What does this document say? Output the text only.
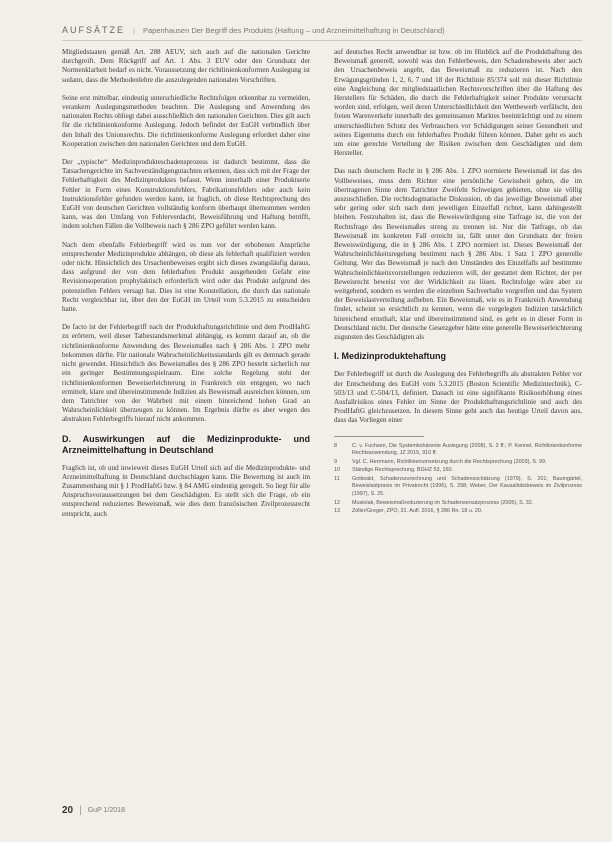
AUFSÄTZE | Papenhausen Der Begriff des Produkts (Haftung – und Arzneimittelhaftung in Deutschland)

Mitgliedstaaten gemäß Art. 288 AEUV, sich auch auf die nationalen Gerichte durchgreift. Dem Rückgriff auf Art. 1 Abs. 3 EUV oder den Grundsatz der Normenklarheit bedarf es nicht. Voraussetzung der richtlinienkonformen Auslegung ist sodann, dass die Methodenlehre die auszulegenden nationalen Vorschriften.

Seine erst mittelbar, eindeutig unterschiedliche Rechtsfolgen erkennbar zu vermeiden, verankern Auslegungsmethoden beachten. Die Auslegung und Anwendung des nationalen Rechts obliegt dabei ausschließlich den nationalen Gerichten. Dies gilt auch für die richtlinienkonforme Auslegung. Jedoch befindet der EuGH verbindlich über den Inhalt des Unionsrechts. Die richtlinienkonforme Auslegung erfordert daher eine Kooperation zwischen den nationalen Gerichten und dem EuGH.

Der „typische“ Medizinprodukteschadensprozess ist dadurch bestimmt, dass die Tatsachengerichte im Sachverständigengutachten erkennen, dass sich mit der Frage der Fehlerhaftigkeit des Medizinproduktes befasst. Wenn innerhalb einer Produktserie Fehler in Form eines Konstruktionsfehlers, Fabrikationsfehlers oder auch kein Instruktionsfehler gefunden werden kann, ist fraglich, ob diese Rechtsprechung des EuGH von deutschen Gerichten vollständig konform überhaupt übernommen werden kann, was den Umfang von Fehlerverdacht, Beweisführung und Haftung betrifft, indem solchen Fällen die Vollbeweis nach § 286 ZPO geführt werden kann.

Nach dem ebenfalls Fehlerbegriff wird es nun vor der erhobenen Ansprüche entsprechender Medizinprodukte abhängen, ob diese als fehlerhaft qualifiziert werden oder nicht. Hinsichtlich des Ursachenbeweises ergibt sich dieses zwangsläufig daraus, dass aufgrund der von dem fehlerhaften Produkt ausgehenden Gefahr eine Revisionsoperation prophylaktisch erforderlich wird oder das Produkt aufgrund des potenziellen Fehlers versagt hat. Dies ist eine Konstellation, die durch das nationale Recht vergleichbar ist, über den der EuGH im Urteil vom 5.3.2015 zu entscheiden hatte.

De facto ist der Fehlerbegriff nach der Produkthaftungsrichtlinie und dem ProdHaftG zu erörtern, weil dieser Tatbestandsmerkmal abhängig, es kommt darauf an, ob die richtlinienkonforme Anwendung des Beweismaßes nach § 286 Abs. 1 ZPO mehr bekommen dürfte. Für nationale Wahrscheinlichkeitsstandards gilt es demnach gerade nicht gewendet. Hinsichtlich des Beweismaßes des § 286 ZPO besteht sicherlich nur ein geringer Bestimmungsspielraum. Eine solche Regelung steht der richtlinienkonformen Beweiserleichterung in Frankreich ein entgegen, wo nach ermittelt, klare und übereinstimmende Indizien als Beweismaß ausreichen können, um dem Tatrichter von der Wahrheit mit einem hinreichend hohen Grad an Wahrscheinlichkeit überzeugen zu können. Im Ergebnis dürfte es aber wegen des abstrakten Fehlerbegriffs hierauf nicht ankommen.

D. Auswirkungen auf die Medizinprodukte- und Arzneimittelhaftung in Deutschland

Fraglich ist, ob und inwieweit dieses EuGH Urteil sich auf die Medizinprodukte- und Arzneimittelhaftung in Deutschland durchschlagen kann. Die Bewertung ist auch im Zusammenhang mit § 1 ProdHaftG bzw. § 84 AMG eindeutig geregelt. So liegt für alle Anspruchsvoraussetzungen bei dem Geschädigten. Es stellt sich die Frage, ob ein entsprechend reduziertes Beweismaß, wie dies dem französischen Zivilprozessrecht entspricht, auch

auf deutsches Recht anwendbar ist bzw. ob im Hinblick auf die Produkthaftung des Beweismaß generell, sowohl was den Fehlerbeweis, den Schadensbeweis aber auch den Ursachenbeweis angeht, das Beweismaß zu reduzieren ist. Nach den Erwägungsgründen 1, 2, 6, 7 und 18 der Richtlinie 85/374 soll mit dieser Richtlinie eine Angleichung der mitgliedstaatlichen Rechtsvorschriften über die Haftung des Herstellers für Schäden, die durch die Fehlerhaftigkeit seiner Produkte verursacht worden sind, erfolgen, weil deren Unterschiedlichkeit den Wettbewerb verfälscht, den freien Warenverkehr innerhalb des gemeinsamen Marktes beeinträchtigt und zu einem unterschiedlichen Schutz des Verbrauchers vor Schädigungen seiner Gesundheit und seines Eigentums durch ein fehlerhaftes Produkt führen können. Daher geht es auch um eine gerechte Verteilung der Risiken zwischen dem Geschädigten und dem Hersteller.

Das nach deutschem Recht in § 286 Abs. 1 ZPO normierte Beweismaß ist das des Vollbeweises, muss dem Richter eine persönliche Gewissheit geben, die im übertragenen Sinne dem Tatrichter Zweifeln Schweigen gebieten, ohne sie völlig auszuschließen. Die rechtsdogmatische Diskussion, ob das jeweilige Beweismaß aber sehr gering oder sich nach dem jeweiligen Einzelfall richtet, kann dahingestellt bleiben. Festzuhalten ist, dass die Beweiswürdigung eine Tatfrage ist, die von der Rechtsfrage des Beweismaßes streng zu trennen ist. Nur die Tatfrage, ob das Beweismaß im konkreten Fall erreicht ist, fällt unter den Grundsatz der freien Beweiswürdigung, die in § 286 Abs. 1 ZPO normiert ist. Dieses Beweismaß der Wahrscheinlichkeitsregelung bestimmt nach § 286 Abs. 1 Satz 1 ZPO generelle Geltung. Wer das Beweismaß je nach den Umständen des Einzelfalls auf bestimmte Wahrscheinlichkeitsvorstellungen reduzieren will, der gestattet dem Richter, der per Beweisrecht beweist vor der Wirklichkeit zu lösen. Rechtsfolge wäre aber zu weitgehend, sondern es werden die einzelnen Sachverhalte vorgreifen und das System der Beweislastverteilung aufheben. Ein Beweismaß, wie es in Frankreich Anwendung findet, scheint so ersichtlich zu kennen, wenn die vorgelegten Indizien tatsächlich hinreichend ernsthaft, klar und übereinstimmend sind, es geht es in dieser Form in Deutschland nicht. Der deutsche Gesetzgeber hätte eine generelle Beweiserleichterung zugunsten des Geschädigten als

I. Medizinproduktehaftung

Der Fehlerbegriff ist durch die Auslegung des Fehlerbegriffs als abstrakten Fehler vor der Entscheidung des EuGH vom 5.3.2015 (Boston Scientific Medizintechnik), C-503/13 und C-504/13, definiert. Danach ist eine signifikante Risikoerhöhung eines Ausfallrisikos eines Fehler im Sinne der Produkthaftungsrichtlinie und auch des ProdHaftG gleichzusetzen. In diesem Sinne geht auch das heutige Urteil davon aus, dass das Vorliegen einer

8	C. v. Fuchsen, Die Systemkohärente Auslegung (2008), S. 2 ff.; P. Kennel, Richtlinienkonforme Rechtsanwendung, JZ 2015, 910 ff.
9	Vgl. C. Herrmann, Richtlinienumsetzung durch die Rechtsprechung (2003), S. 99.
10	Ständige Rechtsprechung, BGHZ 53, 160.
11	Gottwald, Schadenszurechnung und Schadensschätzung (1979), S. 201; Baumgärtel, Beweislastpraxis im Privatrecht (1996), S. 298; Weber, Der Kausalitätsbeweis im Zivilprozess (1997), S. 25.
12	Musielak, Beweismaßreduzierung im Schadensersatzprozess (2005), S. 32.
13	Zöller/Greger, ZPO, 31. Aufl. 2016, § 286 Rn. 18 u. 20.
20 | GuP 1/2018
